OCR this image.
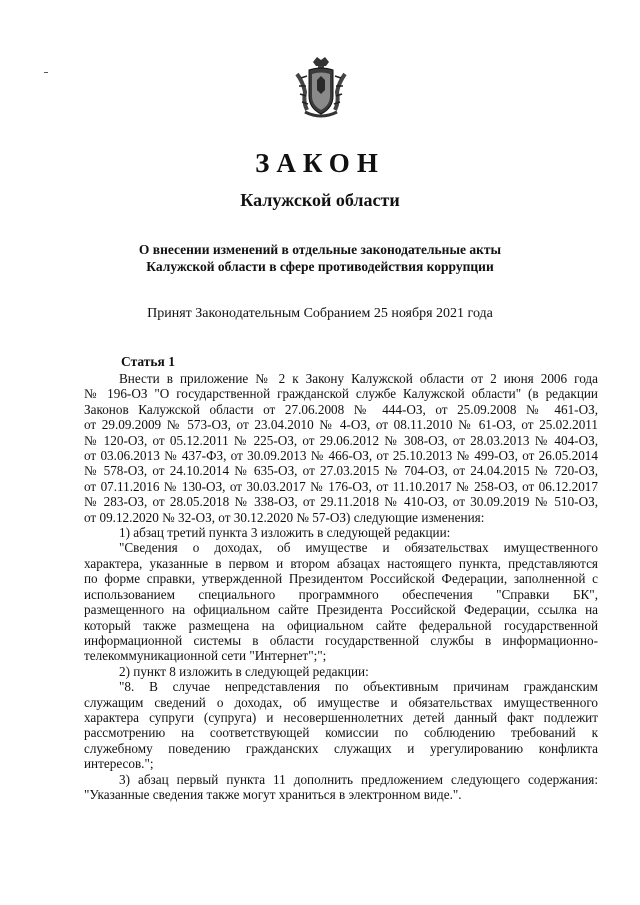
ЗАКОН
Калужской области
О внесении изменений в отдельные законодательные акты
Калужской области в сфере противодействия коррупции
Принят Законодательным Собранием 25 ноября 2021 года
Статья 1

Внести в приложение № 2 к Закону Калужской области от 2 июня 2006 года

№ 196-ОЗ "О государственной гражданской службе Калужской области" (в редакции

Законов Калужской области от 27.06.2008 № 444-ОЗ, от 25.09.2008 № 461-ОЗ,

от 29.09.2009 № 573-ОЗ, от 23.04.2010 № 4-ОЗ, от 08.11.2010 № 61-ОЗ, от 25.02.2011

№ 120-ОЗ, от 05.12.2011 № 225-ОЗ, от 29.06.2012 № 308-ОЗ, от 28.03.2013 № 404-ОЗ,

от 03.06.2013 № 437-ФЗ, от 30.09.2013 № 466-ОЗ, от 25.10.2013 № 499-ОЗ, от 26.05.2014

№ 578-ОЗ, от 24.10.2014 № 635-ОЗ, от 27.03.2015 № 704-ОЗ, от 24.04.2015 № 720-ОЗ,

от 07.11.2016 № 130-ОЗ, от 30.03.2017 № 176-ОЗ, от 11.10.2017 № 258-ОЗ, от 06.12.2017

№ 283-ОЗ, от 28.05.2018 № 338-ОЗ, от 29.11.2018 № 410-ОЗ, от 30.09.2019 № 510-ОЗ,

от 09.12.2020 № 32-ОЗ, от 30.12.2020 № 57-ОЗ) следующие изменения:

1) абзац третий пункта 3 изложить в следующей редакции:

"Сведения о доходах, об имуществе и обязательствах имущественного

характера, указанные в первом и втором абзацах настоящего пункта, представляются

по форме справки, утвержденной Президентом Российской Федерации, заполненной с

использованием специального программного обеспечения "Справки БК",

размещенного на официальном сайте Президента Российской Федерации, ссылка на

который также размещена на официальном сайте федеральной государственной

информационной системы в области государственной службы в информационно-

телекоммуникационной сети "Интернет";";

2) пункт 8 изложить в следующей редакции:

"8. В случае непредставления по объективным причинам гражданским

служащим сведений о доходах, об имуществе и обязательствах имущественного

характера супруги (супруга) и несовершеннолетних детей данный факт подлежит

рассмотрению на соответствующей комиссии по соблюдению требований к

служебному поведению гражданских служащих и урегулированию конфликта

интересов.";

3) абзац первый пункта 11 дополнить предложением следующего содержания:

"Указанные сведения также могут храниться в электронном виде.".
